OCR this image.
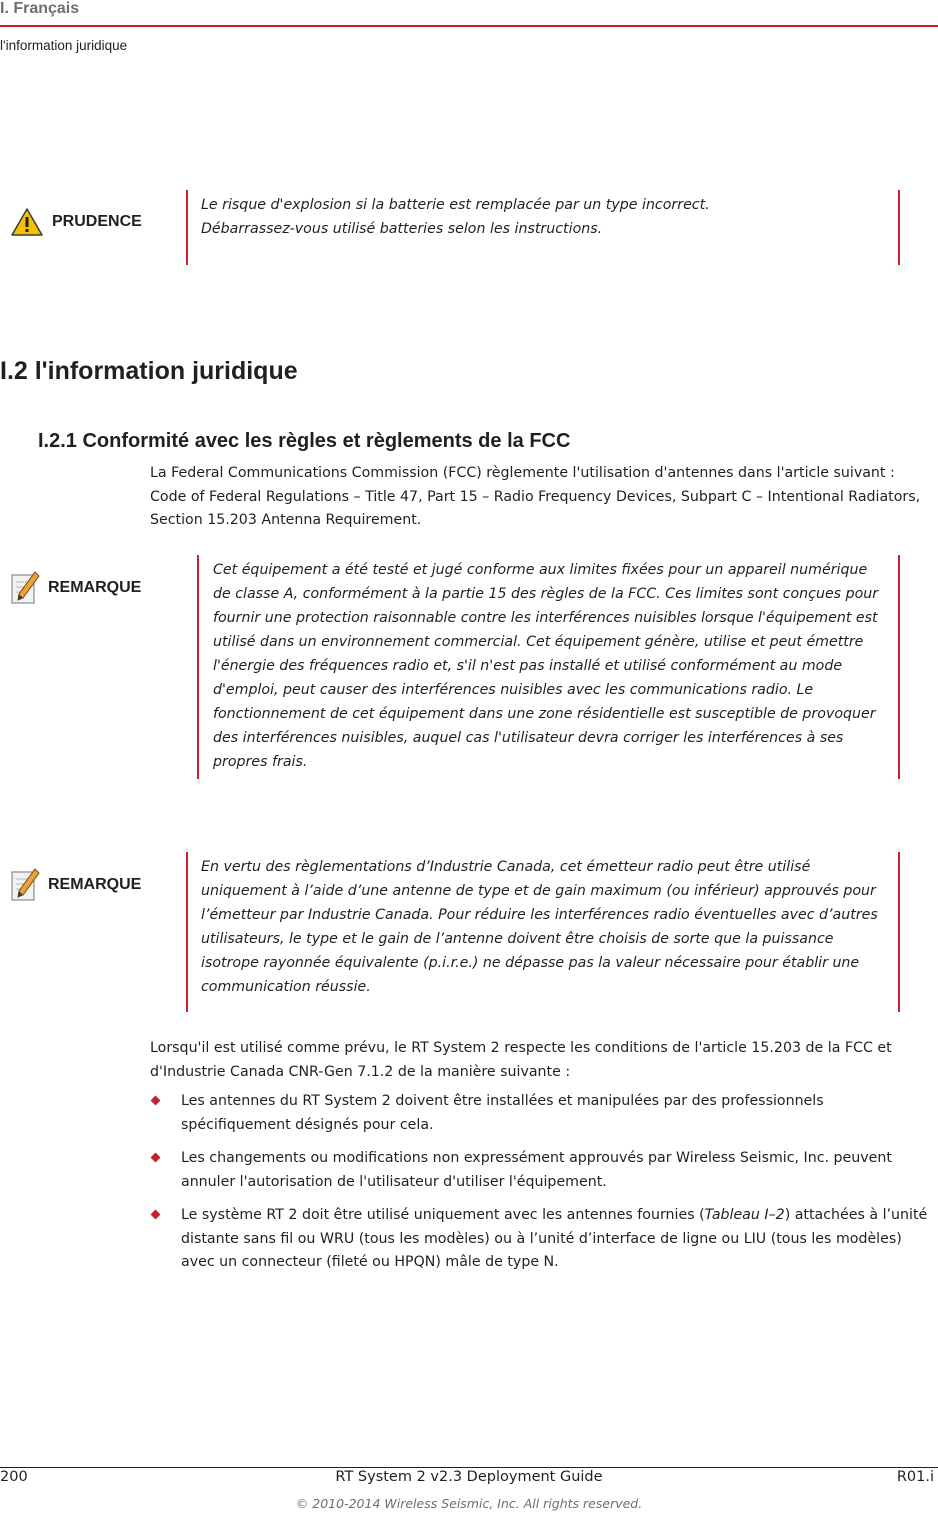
I. Français
l'information juridique
PRUDENCE
Le risque d'explosion si la batterie est remplacée par un type incorrect.
Débarrassez-vous utilisé batteries selon les instructions.
I.2 l'information juridique
I.2.1 Conformité avec les règles et règlements de la FCC

La Federal Communications Commission (FCC) règlemente l'utilisation d'antennes dans l'article suivant : Code of Federal Regulations – Title 47, Part 15 – Radio Frequency Devices, Subpart C – Intentional Radiators, Section 15.203 Antenna Requirement.

REMARQUE

Cet équipement a été testé et jugé conforme aux limites fixées pour un appareil numérique de classe A, conformément à la partie 15 des règles de la FCC. Ces limites sont conçues pour fournir une protection raisonnable contre les interférences nuisibles lorsque l'équipement est utilisé dans un environnement commercial. Cet équipement génère, utilise et peut émettre l'énergie des fréquences radio et, s'il n'est pas installé et utilisé conformément au mode d'emploi, peut causer des interférences nuisibles avec les communications radio. Le fonctionnement de cet équipement dans une zone résidentielle est susceptible de provoquer des interférences nuisibles, auquel cas l'utilisateur devra corriger les interférences à ses propres frais.

REMARQUE

En vertu des règlementations d’Industrie Canada, cet émetteur radio peut être utilisé uniquement à l’aide d’une antenne de type et de gain maximum (ou inférieur) approuvés pour l’émetteur par Industrie Canada. Pour réduire les interférences radio éventuelles avec d’autres utilisateurs, le type et le gain de l’antenne doivent être choisis de sorte que la puissance isotrope rayonnée équivalente (p.i.r.e.) ne dépasse pas la valeur nécessaire pour établir une communication réussie.

Lorsqu'il est utilisé comme prévu, le RT System 2 respecte les conditions de l'article 15.203 de la FCC et d'Industrie Canada CNR-Gen 7.1.2 de la manière suivante :

Les antennes du RT System 2 doivent être installées et manipulées par des professionnels spécifiquement désignés pour cela.
Les changements ou modifications non expressément approuvés par Wireless Seismic, Inc. peuvent annuler l'autorisation de l'utilisateur d'utiliser l'équipement.
Le système RT 2 doit être utilisé uniquement avec les antennes fournies (Tableau I–2) attachées à l’unité distante sans fil ou WRU (tous les modèles) ou à l’unité d’interface de ligne ou LIU (tous les modèles) avec un connecteur (fileté ou HPQN) mâle de type N.
200	RT System 2 v2.3 Deployment Guide	R01.i
© 2010-2014 Wireless Seismic, Inc. All rights reserved.
